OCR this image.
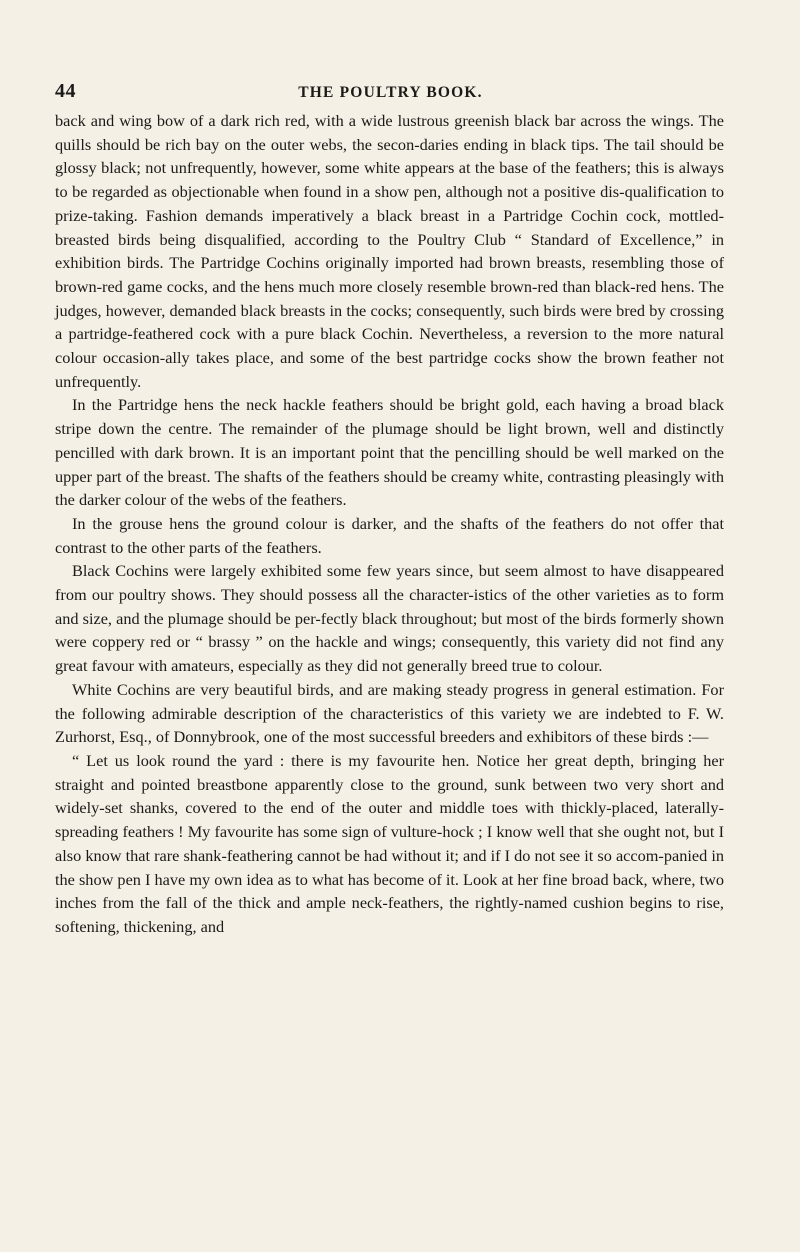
44	THE POULTRY BOOK.

back and wing bow of a dark rich red, with a wide lustrous greenish black bar across the wings. The quills should be rich bay on the outer webs, the secon-daries ending in black tips. The tail should be glossy black; not unfrequently, however, some white appears at the base of the feathers; this is always to be regarded as objectionable when found in a show pen, although not a positive dis-qualification to prize-taking. Fashion demands imperatively a black breast in a Partridge Cochin cock, mottled-breasted birds being disqualified, according to the Poultry Club “ Standard of Excellence,” in exhibition birds. The Partridge Cochins originally imported had brown breasts, resembling those of brown-red game cocks, and the hens much more closely resemble brown-red than black-red hens. The judges, however, demanded black breasts in the cocks; consequently, such birds were bred by crossing a partridge-feathered cock with a pure black Cochin. Nevertheless, a reversion to the more natural colour occasion-ally takes place, and some of the best partridge cocks show the brown feather not unfrequently.

In the Partridge hens the neck hackle feathers should be bright gold, each having a broad black stripe down the centre. The remainder of the plumage should be light brown, well and distinctly pencilled with dark brown. It is an important point that the pencilling should be well marked on the upper part of the breast. The shafts of the feathers should be creamy white, contrasting pleasingly with the darker colour of the webs of the feathers.

In the grouse hens the ground colour is darker, and the shafts of the feathers do not offer that contrast to the other parts of the feathers.

Black Cochins were largely exhibited some few years since, but seem almost to have disappeared from our poultry shows. They should possess all the character-istics of the other varieties as to form and size, and the plumage should be per-fectly black throughout; but most of the birds formerly shown were coppery red or “ brassy ” on the hackle and wings; consequently, this variety did not find any great favour with amateurs, especially as they did not generally breed true to colour.

White Cochins are very beautiful birds, and are making steady progress in general estimation. For the following admirable description of the characteristics of this variety we are indebted to F. W. Zurhorst, Esq., of Donnybrook, one of the most successful breeders and exhibitors of these birds :—

“ Let us look round the yard : there is my favourite hen. Notice her great depth, bringing her straight and pointed breastbone apparently close to the ground, sunk between two very short and widely-set shanks, covered to the end of the outer and middle toes with thickly-placed, laterally-spreading feathers ! My favourite has some sign of vulture-hock ; I know well that she ought not, but I also know that rare shank-feathering cannot be had without it; and if I do not see it so accom-panied in the show pen I have my own idea as to what has become of it. Look at her fine broad back, where, two inches from the fall of the thick and ample neck-feathers, the rightly-named cushion begins to rise, softening, thickening, and
